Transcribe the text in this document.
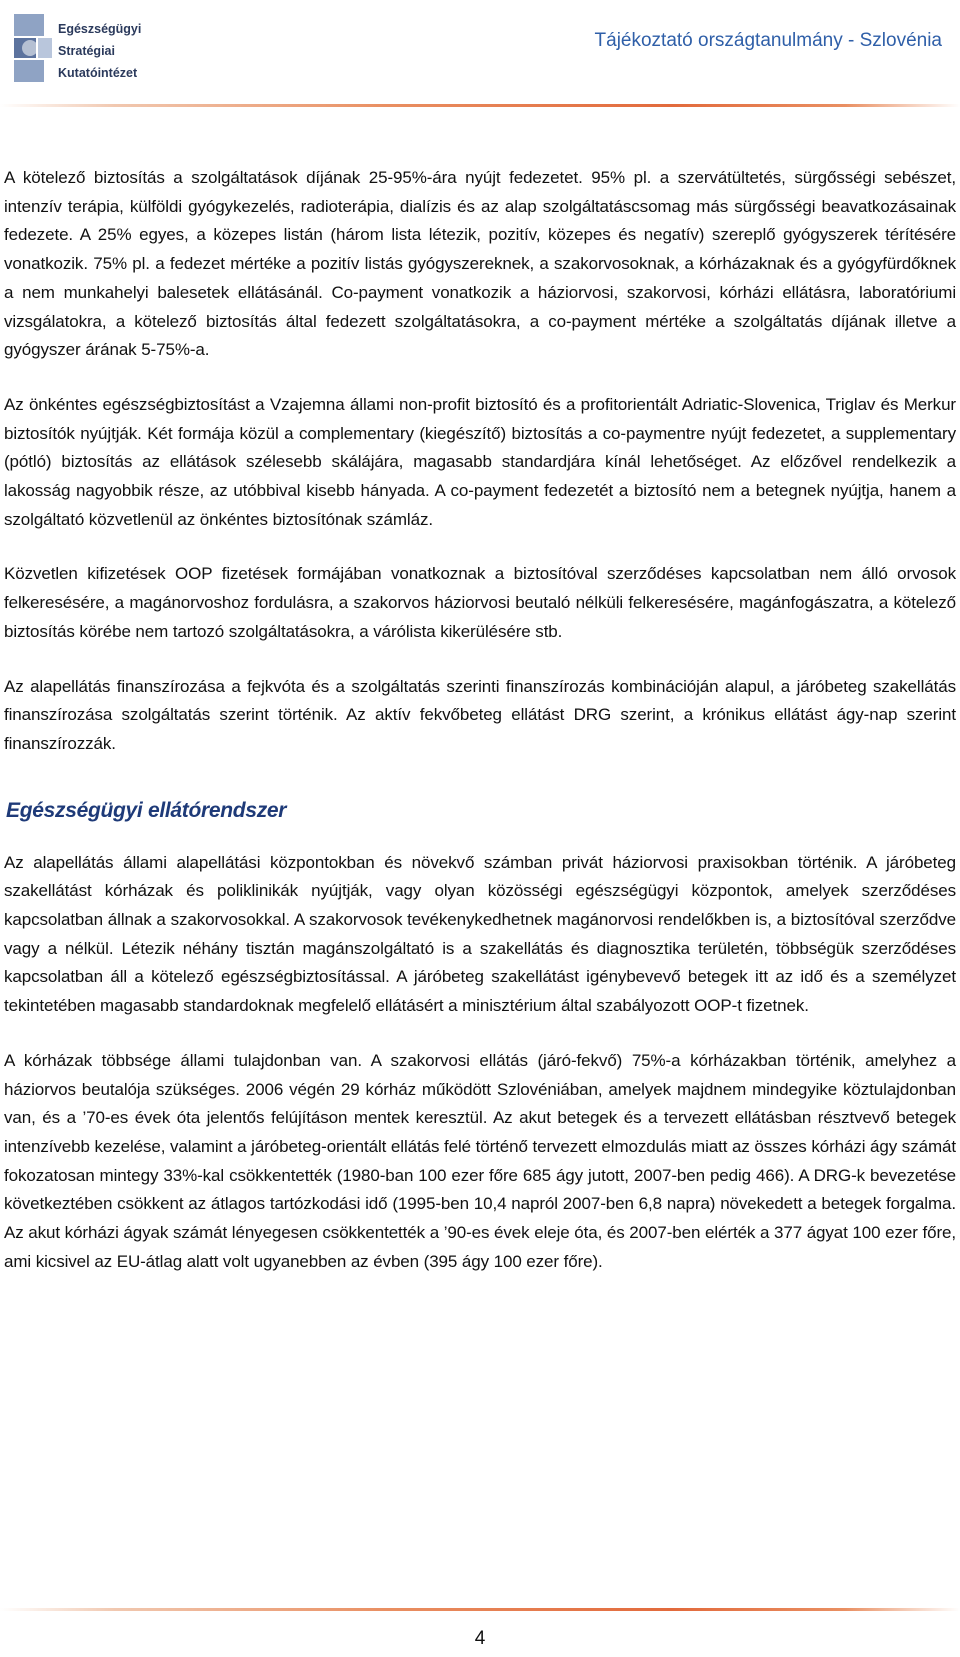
Egészségügyi
Stratégiai
Kutatóintézet
Tájékoztató országtanulmány - Szlovénia

A kötelező biztosítás a szolgáltatások díjának 25-95%-ára nyújt fedezetet. 95% pl. a szervátültetés, sürgősségi sebészet, intenzív terápia, külföldi gyógykezelés, radioterápia, dialízis és az alap szolgáltatáscsomag más sürgősségi beavatkozásainak fedezete. A 25% egyes, a közepes listán (három lista létezik, pozitív, közepes és negatív) szereplő gyógyszerek térítésére vonatkozik. 75% pl. a fedezet mértéke a pozitív listás gyógyszereknek, a szakorvosoknak, a kórházaknak és a gyógyfürdőknek a nem munkahelyi balesetek ellátásánál. Co-payment vonatkozik a háziorvosi, szakorvosi, kórházi ellátásra, laboratóriumi vizsgálatokra, a kötelező biztosítás által fedezett szolgáltatásokra, a co-payment mértéke a szolgáltatás díjának illetve a gyógyszer árának 5-75%-a.

Az önkéntes egészségbiztosítást a Vzajemna állami non-profit biztosító és a profitorientált Adriatic-Slovenica, Triglav és Merkur biztosítók nyújtják. Két formája közül a complementary (kiegészítő) biztosítás a co-paymentre nyújt fedezetet, a supplementary (pótló) biztosítás az ellátások szélesebb skálájára, magasabb standardjára kínál lehetőséget. Az előzővel rendelkezik a lakosság nagyobbik része, az utóbbival kisebb hányada. A co-payment fedezetét a biztosító nem a betegnek nyújtja, hanem a szolgáltató közvetlenül az önkéntes biztosítónak számláz.

Közvetlen kifizetések OOP fizetések formájában vonatkoznak a biztosítóval szerződéses kapcsolatban nem álló orvosok felkeresésére, a magánorvoshoz fordulásra, a szakorvos háziorvosi beutaló nélküli felkeresésére, magánfogászatra, a kötelező biztosítás körébe nem tartozó szolgáltatásokra, a várólista kikerülésére stb.

Az alapellátás finanszírozása a fejkvóta és a szolgáltatás szerinti finanszírozás kombinációján alapul, a járóbeteg szakellátás finanszírozása szolgáltatás szerint történik. Az aktív fekvőbeteg ellátást DRG szerint, a krónikus ellátást ágy-nap szerint finanszírozzák.

Egészségügyi ellátórendszer

Az alapellátás állami alapellátási központokban és növekvő számban privát háziorvosi praxisokban történik. A járóbeteg szakellátást kórházak és poliklinikák nyújtják, vagy olyan közösségi egészségügyi központok, amelyek szerződéses kapcsolatban állnak a szakorvosokkal. A szakorvosok tevékenykedhetnek magánorvosi rendelőkben is, a biztosítóval szerződve vagy a nélkül. Létezik néhány tisztán magánszolgáltató is a szakellátás és diagnosztika területén, többségük szerződéses kapcsolatban áll a kötelező egészségbiztosítással. A járóbeteg szakellátást igénybevevő betegek itt az idő és a személyzet tekintetében magasabb standardoknak megfelelő ellátásért a minisztérium által szabályozott OOP-t fizetnek.

A kórházak többsége állami tulajdonban van. A szakorvosi ellátás (járó-fekvő) 75%-a kórházakban történik, amelyhez a háziorvos beutalója szükséges. 2006 végén 29 kórház működött Szlovéniában, amelyek majdnem mindegyike köztulajdonban van, és a ’70-es évek óta jelentős felújításon mentek keresztül. Az akut betegek és a tervezett ellátásban résztvevő betegek intenzívebb kezelése, valamint a járóbeteg-orientált ellátás felé történő tervezett elmozdulás miatt az összes kórházi ágy számát fokozatosan mintegy 33%-kal csökkentették (1980-ban 100 ezer főre 685 ágy jutott, 2007-ben pedig 466). A DRG-k bevezetése következtében csökkent az átlagos tartózkodási idő (1995-ben 10,4 napról 2007-ben 6,8 napra) növekedett a betegek forgalma. Az akut kórházi ágyak számát lényegesen csökkentették a ’90-es évek eleje óta, és 2007-ben elérték a 377 ágyat 100 ezer főre, ami kicsivel az EU-átlag alatt volt ugyanebben az évben (395 ágy 100 ezer főre).

4
